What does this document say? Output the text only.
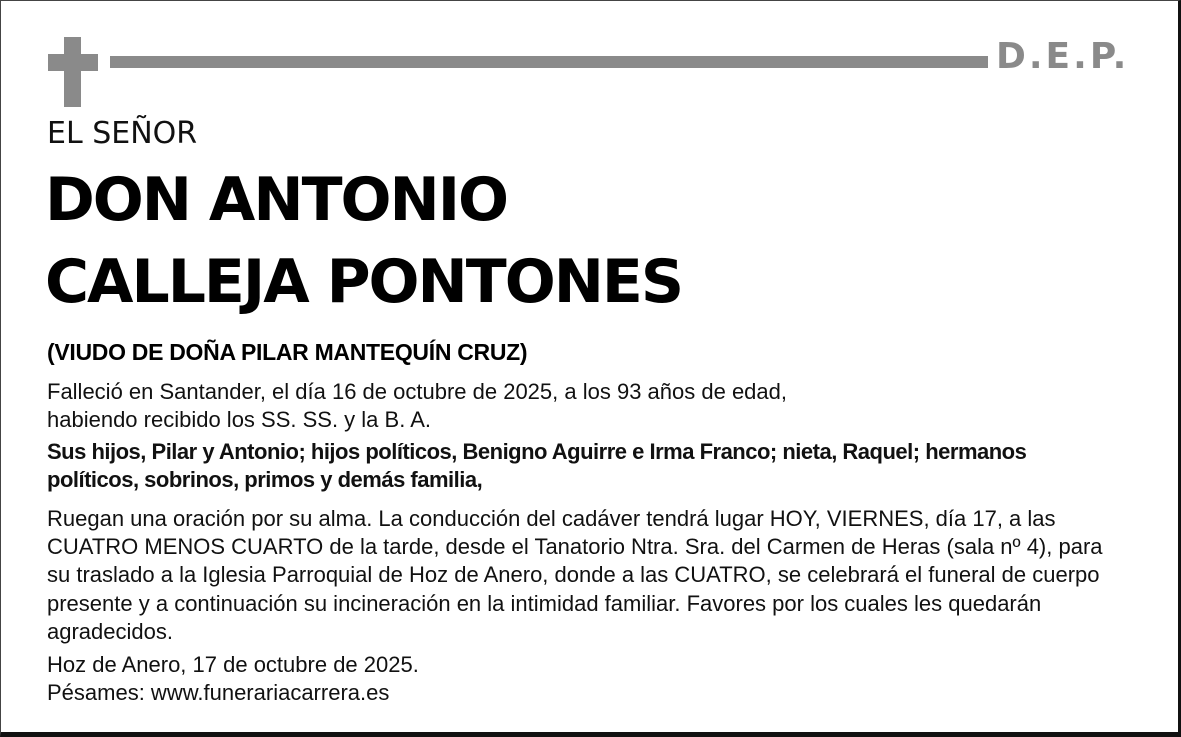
D.E.P.
EL SEÑOR
DON ANTONIO
CALLEJA PONTONES
(VIUDO DE DOÑA PILAR MANTEQUÍN CRUZ)
Falleció en Santander, el día 16 de octubre de 2025, a los 93 años de edad,
habiendo recibido los SS. SS. y la B. A.
Sus hijos, Pilar y Antonio; hijos políticos, Benigno Aguirre e Irma Franco; nieta, Raquel; hermanos
políticos, sobrinos, primos y demás familia,
Ruegan una oración por su alma. La conducción del cadáver tendrá lugar HOY, VIERNES, día 17, a las
CUATRO MENOS CUARTO de la tarde, desde el Tanatorio Ntra. Sra. del Carmen de Heras (sala nº 4), para
su traslado a la Iglesia Parroquial de Hoz de Anero, donde a las CUATRO, se celebrará el funeral de cuerpo
presente y a continuación su incineración en la intimidad familiar. Favores por los cuales les quedarán
agradecidos.
Hoz de Anero, 17 de octubre de 2025.
Pésames: www.funerariacarrera.es
